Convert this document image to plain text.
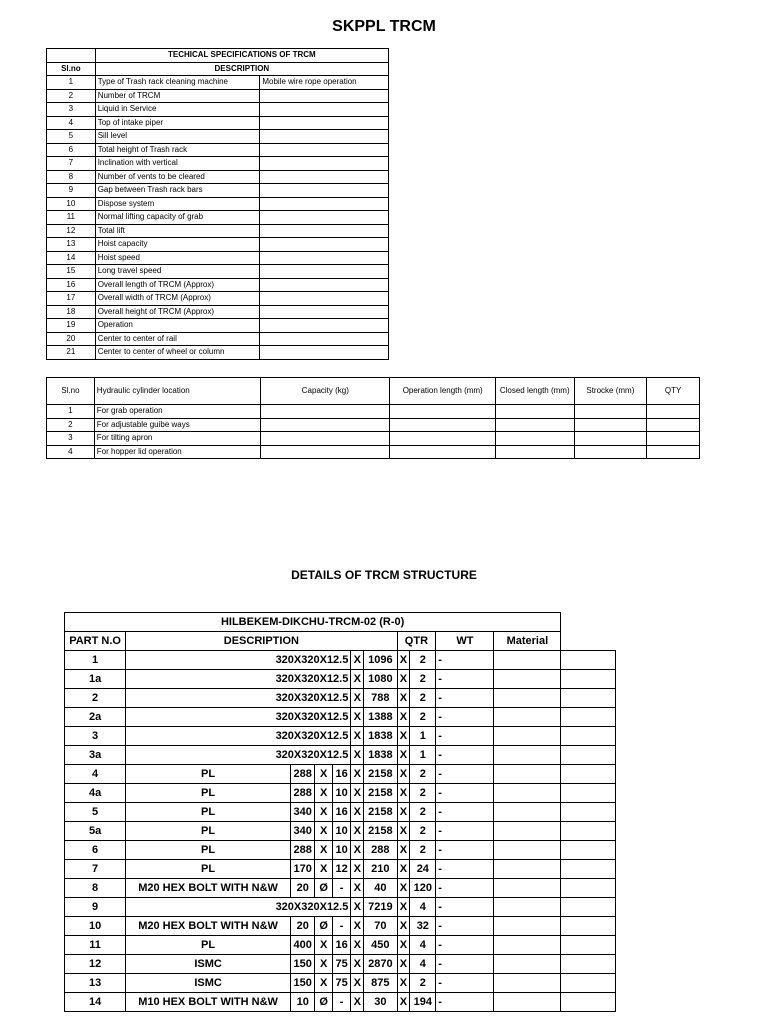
SKPPL TRCM
	TECHICAL SPECIFICATIONS OF TRCM	
Sl.no	DESCRIPTION	
1	Type of Trash rack cleaning machine	Mobile wire rope operation
2	Number of TRCM	
3	Liquid in Service	
4	Top of intake piper	
5	Sill level	
6	Total height of Trash rack	
7	Inclination with vertical	
8	Number of vents to be cleared	
9	Gap between Trash rack bars	
10	Dispose system	
11	Normal lifting capacity of grab	
12	Total lift	
13	Hoist capacity	
14	Hoist speed	
15	Long travel speed	
16	Overall length of TRCM (Approx)	
17	Overall width of TRCM (Approx)	
18	Overall height of TRCM (Approx)	
19	Operation	
20	Center to center of rail	
21	Center to center of wheel or column	
Sl.no	Hydraulic cylinder location	Capacity (kg)	Operation length (mm)	Closed length (mm)	Strocke (mm)	QTY
1	For grab operation					
2	For adjustable guibe ways					
3	For tilting apron					
4	For hopper lid operation					
DETAILS OF TRCM STRUCTURE
HILBEKEM-DIKCHU-TRCM-02 (R-0)											
PART N.O	DESCRIPTION						QTR		WT	Material	
1	320X320X12.5				X	1096	X	2	-		
1a	320X320X12.5				X	1080	X	2	-		
2	320X320X12.5				X	788	X	2	-		
2a	320X320X12.5				X	1388	X	2	-		
3	320X320X12.5				X	1838	X	1	-		
3a	320X320X12.5				X	1838	X	1	-		
4	PL	288	X	16	X	2158	X	2	-		
4a	PL	288	X	10	X	2158	X	2	-		
5	PL	340	X	16	X	2158	X	2	-		
5a	PL	340	X	10	X	2158	X	2	-		
6	PL	288	X	10	X	288	X	2	-		
7	PL	170	X	12	X	210	X	24	-		
8	M20 HEX BOLT WITH N&W	20	Ø	-	X	40	X	120	-		
9	320X320X12.5				X	7219	X	4	-		
10	M20 HEX BOLT WITH N&W	20	Ø	-	X	70	X	32	-		
11	PL	400	X	16	X	450	X	4	-		
12	ISMC	150	X	75	X	2870	X	4	-		
13	ISMC	150	X	75	X	875	X	2	-		
14	M10 HEX BOLT WITH N&W	10	Ø	-	X	30	X	194	-		
